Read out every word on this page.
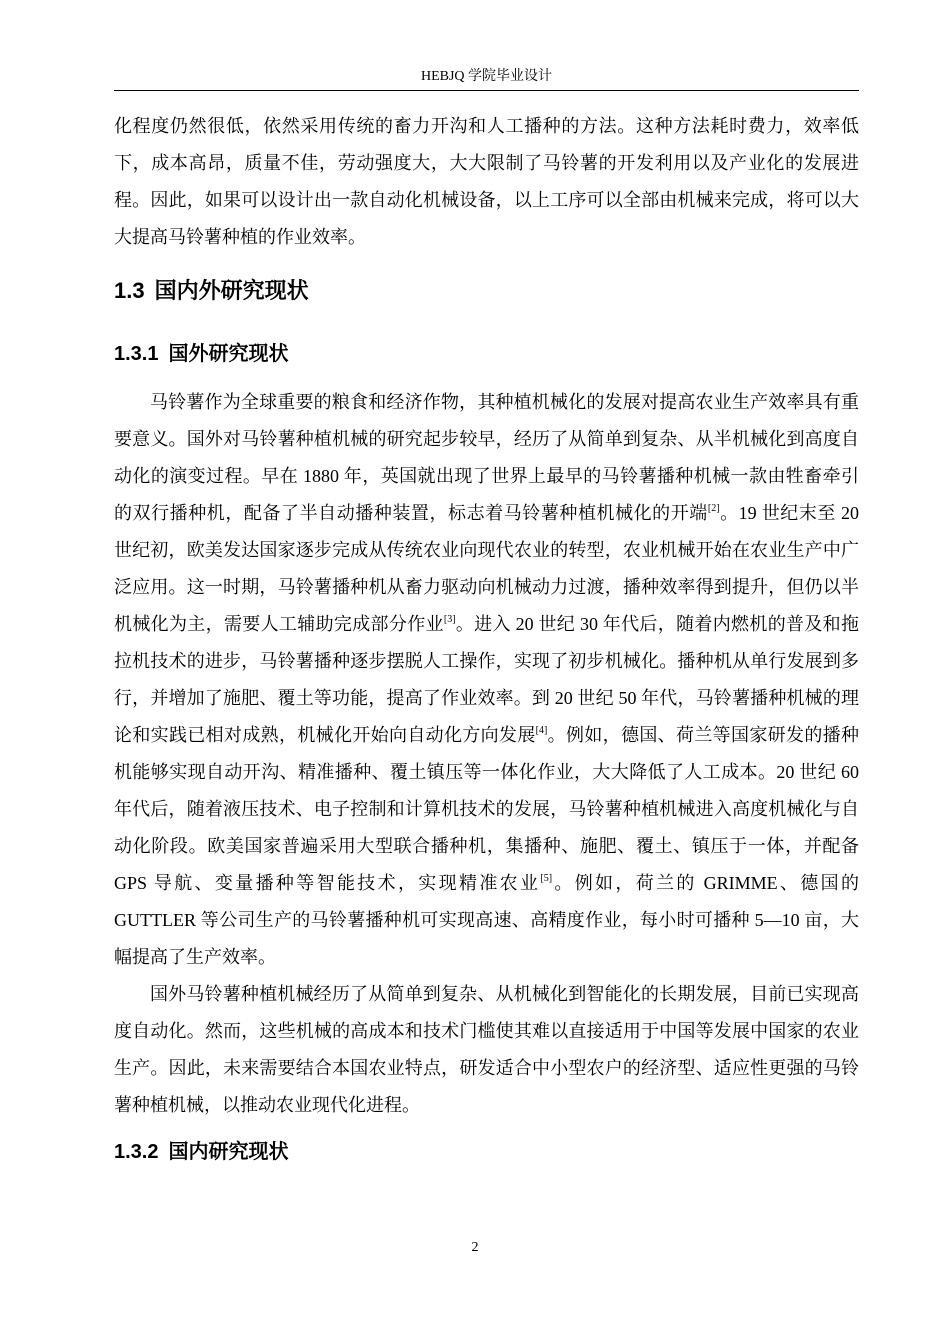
HEBJQ 学院毕业设计

化程度仍然很低，依然采用传统的畜力开沟和人工播种的方法。这种方法耗时费力，效率低下，成本高昂，质量不佳，劳动强度大，大大限制了马铃薯的开发利用以及产业化的发展进程。因此，如果可以设计出一款自动化机械设备，以上工序可以全部由机械来完成，将可以大大提高马铃薯种植的作业效率。

1.3 国内外研究现状
1.3.1 国外研究现状

马铃薯作为全球重要的粮食和经济作物，其种植机械化的发展对提高农业生产效率具有重要意义。国外对马铃薯种植机械的研究起步较早，经历了从简单到复杂、从半机械化到高度自动化的演变过程。早在 1880 年，英国就出现了世界上最早的马铃薯播种机械一款由牲畜牵引的双行播种机，配备了半自动播种装置，标志着马铃薯种植机械化的开端[2]。19 世纪末至 20 世纪初，欧美发达国家逐步完成从传统农业向现代农业的转型，农业机械开始在农业生产中广泛应用。这一时期，马铃薯播种机从畜力驱动向机械动力过渡，播种效率得到提升，但仍以半机械化为主，需要人工辅助完成部分作业[3]。进入 20 世纪 30 年代后，随着内燃机的普及和拖拉机技术的进步，马铃薯播种逐步摆脱人工操作，实现了初步机械化。播种机从单行发展到多行，并增加了施肥、覆土等功能，提高了作业效率。到 20 世纪 50 年代，马铃薯播种机械的理论和实践已相对成熟，机械化开始向自动化方向发展[4]。例如，德国、荷兰等国家研发的播种机能够实现自动开沟、精准播种、覆土镇压等一体化作业，大大降低了人工成本。20 世纪 60 年代后，随着液压技术、电子控制和计算机技术的发展，马铃薯种植机械进入高度机械化与自动化阶段。欧美国家普遍采用大型联合播种机，集播种、施肥、覆土、镇压于一体，并配备 GPS 导航、变量播种等智能技术，实现精准农业[5]。例如，荷兰的 GRIMME、德国的 GUTTLER 等公司生产的马铃薯播种机可实现高速、高精度作业，每小时可播种 5—10 亩，大幅提高了生产效率。

国外马铃薯种植机械经历了从简单到复杂、从机械化到智能化的长期发展，目前已实现高度自动化。然而，这些机械的高成本和技术门槛使其难以直接适用于中国等发展中国家的农业生产。因此，未来需要结合本国农业特点，研发适合中小型农户的经济型、适应性更强的马铃薯种植机械，以推动农业现代化进程。

1.3.2 国内研究现状
2
